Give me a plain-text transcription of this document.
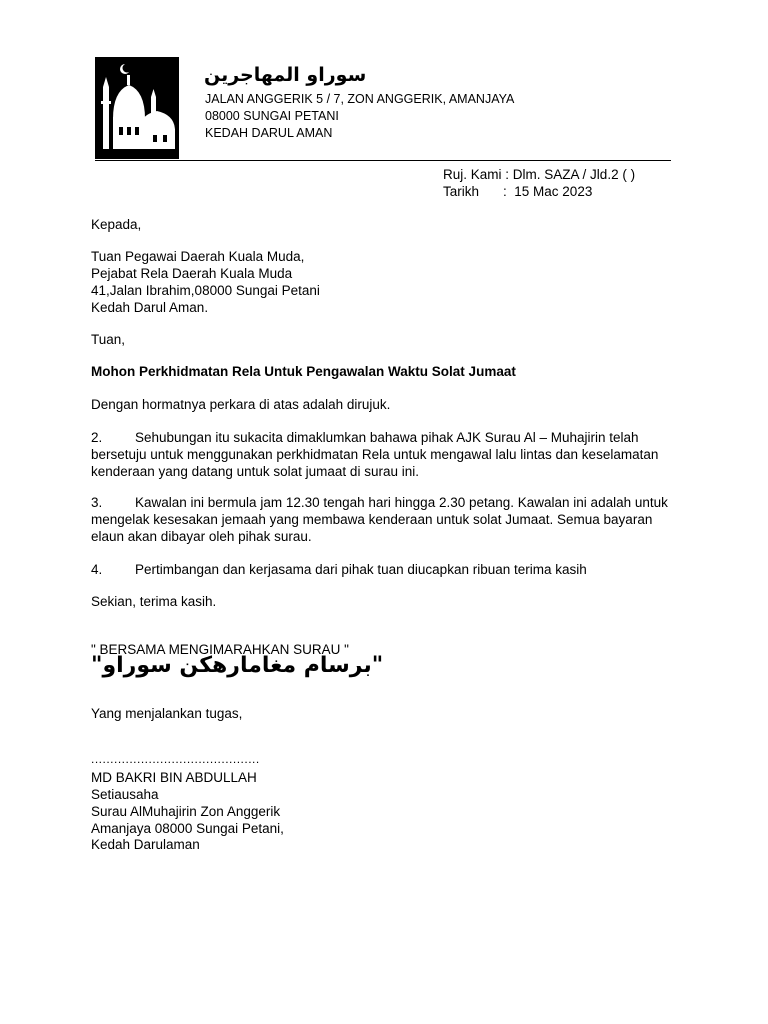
سوراو المهاجرين
JALAN ANGGERIK 5 / 7, ZON ANGGERIK, AMANJAYA
08000 SUNGAI PETANI
KEDAH DARUL AMAN
Ruj. Kami : Dlm. SAZA / Jld.2 ( )
Tarikh : 15 Mac 2023
Kepada,
Tuan Pegawai Daerah Kuala Muda,
Pejabat Rela Daerah Kuala Muda
41,Jalan Ibrahim,08000 Sungai Petani
Kedah Darul Aman.
Tuan,
Mohon Perkhidmatan Rela Untuk Pengawalan Waktu Solat Jumaat
Dengan hormatnya perkara di atas adalah dirujuk.
2. Sehubungan itu sukacita dimaklumkan bahawa pihak AJK Surau Al – Muhajirin telah bersetuju untuk menggunakan perkhidmatan Rela untuk mengawal lalu lintas dan keselamatan kenderaan yang datang untuk solat jumaat di surau ini.
3. Kawalan ini bermula jam 12.30 tengah hari hingga 2.30 petang. Kawalan ini adalah untuk mengelak kesesakan jemaah yang membawa kenderaan untuk solat Jumaat. Semua bayaran elaun akan dibayar oleh pihak surau.
4. Pertimbangan dan kerjasama dari pihak tuan diucapkan ribuan terima kasih
Sekian, terima kasih.
" BERSAMA MENGIMARAHKAN SURAU "
"برسام مغامارهكن سوراو"
Yang menjalankan tugas,
............................................
MD BAKRI BIN ABDULLAH
Setiausaha
Surau AlMuhajirin Zon Anggerik
Amanjaya 08000 Sungai Petani,
Kedah Darulaman
